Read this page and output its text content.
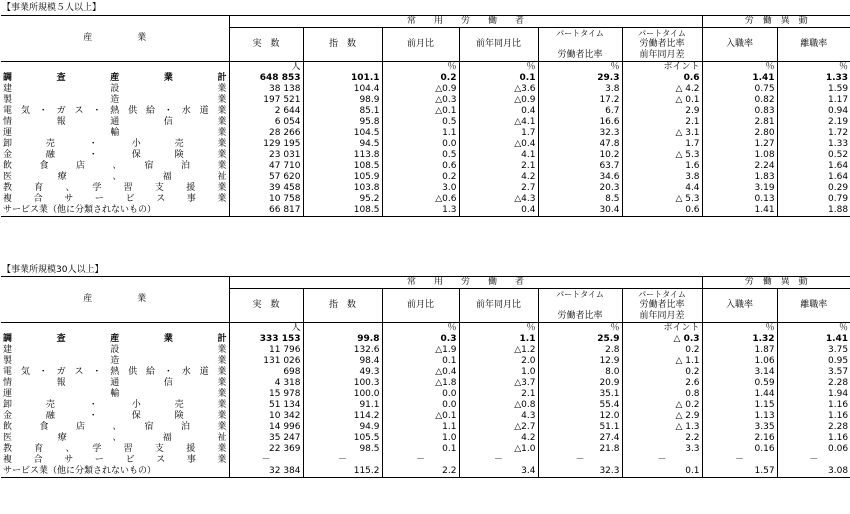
【事業所規模５人以上】
産　　　　　業	常　　用　　労　　働　　者						労　働　異　動	
	実　数	指　数	前月比	前年同月比	パートタイム	パートタイム	入職率	離職率
					労働者比率	労働者比率
前年同月差		

	人		％	％	％	ポイント	％	％
調　査　産　業　計	648 853	101.1	0.2	0.1	29.3	0.6	1.41	1.33
建　設　業	38 138	104.4	△0.9	△3.6	3.8	△ 4.2	0.75	1.59
製　造　業	197 521	98.9	△0.3	△0.9	17.2	△ 0.1	0.82	1.17
電気・ガス・熱供給・水道業	2 644	85.1	△0.1	0.4	6.7	2.9	0.83	0.94
情　報　通　信　業	6 054	95.8	0.5	△4.1	16.6	2.1	2.81	2.19
運　輸　業	28 266	104.5	1.1	1.7	32.3	△ 3.1	2.80	1.72
卸　売　・　小　売　業	129 195	94.5	0.0	△0.4	47.8	1.7	1.27	1.33
金　融　・　保　険　業	23 031	113.8	0.5	4.1	10.2	△ 5.3	1.08	0.52
飲　食　店　、　宿　泊　業	47 710	108.5	0.6	2.1	63.7	1.6	2.24	1.64
医　療　、　福　祉	57 620	105.9	0.2	4.2	34.6	3.8	1.83	1.64
教　育　、　学　習　支　援　業	39 458	103.8	3.0	2.7	20.3	4.4	3.19	0.29
複　合　サ　ー　ビ　ス　事　業	10 758	95.2	△0.6	△4.3	8.5	△ 5.3	0.13	0.79
サービス業（他に分類されないもの）	66 817	108.5	1.3	0.4	30.4	0.6	1.41	1.88
【事業所規模30人以上】
産　　　　　業	常　　用　　労　　働　　者						労　働　異　動	
	実　数	指　数	前月比	前年同月比	パートタイム	パートタイム	入職率	離職率
					労働者比率	労働者比率
前年同月差		

	人		％	％	％	ポイント	％	％
調　査　産　業　計	333 153	99.8	0.3	1.1	25.9	△ 0.3	1.32	1.41
建　設　業	11 796	132.6	△1.9	△1.2	2.8	0.2	1.87	3.75
製　造　業	131 026	98.4	0.1	2.0	12.9	△ 1.1	1.06	0.95
電気・ガス・熱供給・水道業	698	49.3	△0.4	1.0	8.0	0.2	3.14	3.57
情　報　通　信　業	4 318	100.3	△1.8	△3.7	20.9	2.6	0.59	2.28
運　輸　業	15 978	100.0	0.0	2.1	35.1	0.8	1.44	1.94
卸　売　・　小　売　業	51 134	91.1	0.0	△0.8	55.4	△ 0.2	1.15	1.16
金　融　・　保　険　業	10 342	114.2	△0.1	4.3	12.0	△ 2.9	1.13	1.16
飲　食　店　、　宿　泊　業	14 996	94.9	1.1	△2.7	51.1	△ 1.3	3.35	2.28
医　療　、　福　祉	35 247	105.5	1.0	4.2	27.4	2.2	2.16	1.16
教　育　、　学　習　支　援　業	22 369	98.5	0.1	△1.0	21.8	3.3	0.16	0.06
複　合　サ　ー　ビ　ス　事　業	－	－	－	－	－	－	－	－
サービス業（他に分類されないもの）	32 384	115.2	2.2	3.4	32.3	0.1	1.57	3.08
